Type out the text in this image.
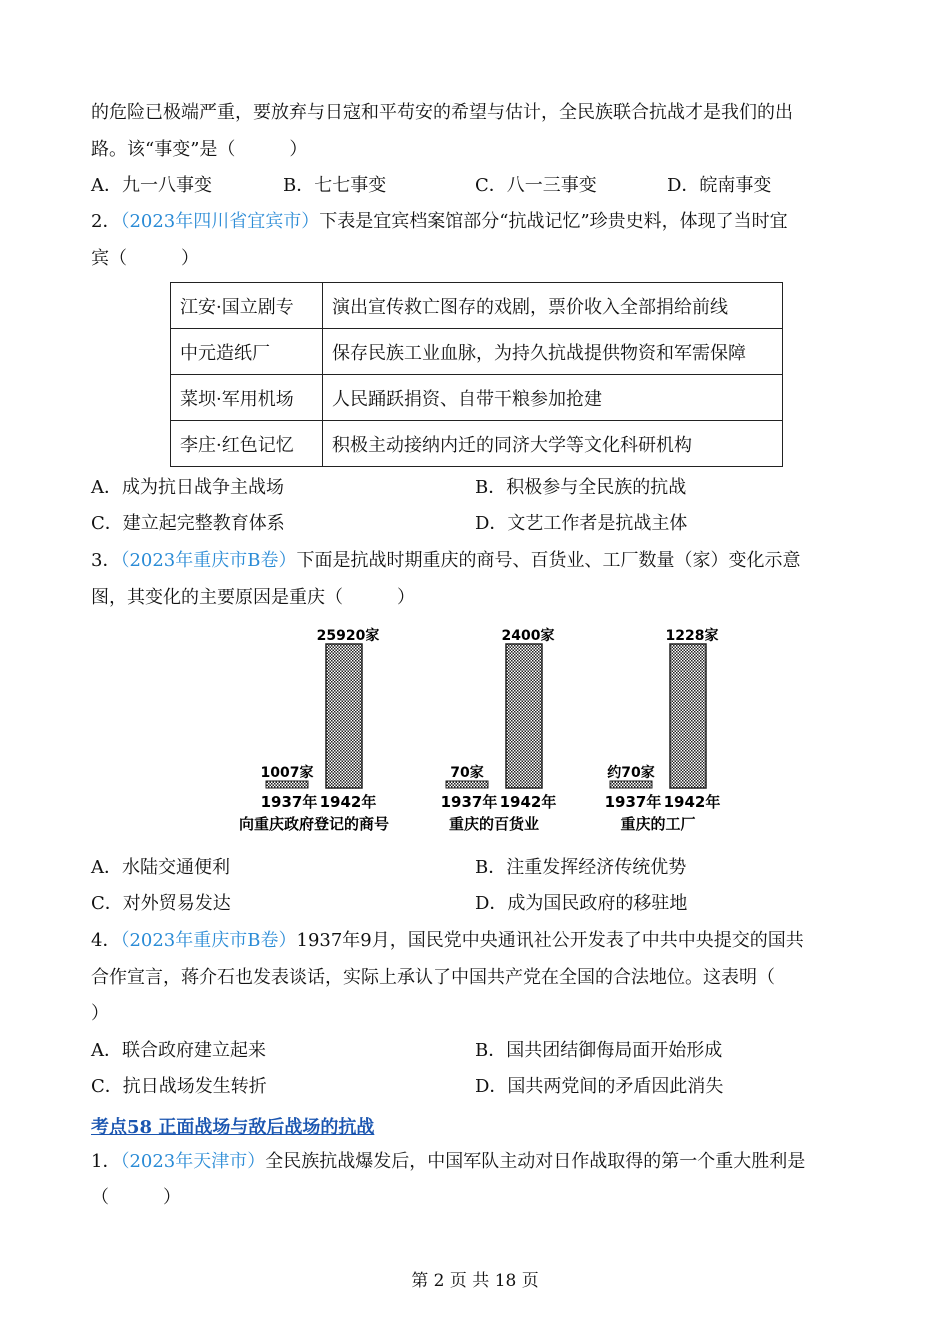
的危险已极端严重，要放弃与日寇和平苟安的希望与估计，全民族联合抗战才是我们的出
路。该“事变”是（　　　）
A．九一八事变	B．七七事变	C．八一三事变	D．皖南事变
2．（2023年四川省宜宾市）下表是宜宾档案馆部分“抗战记忆”珍贵史料，体现了当时宜
宾（　　　）
江安·国立剧专	演出宣传救亡图存的戏剧，票价收入全部捐给前线
中元造纸厂	保存民族工业血脉，为持久抗战提供物资和军需保障
菜坝·军用机场	人民踊跃捐资、自带干粮参加抢建
李庄·红色记忆	积极主动接纳内迁的同济大学等文化科研机构
A．成为抗日战争主战场	B．积极参与全民族的抗战
C．建立起完整教育体系	D．文艺工作者是抗战主体
3．（2023年重庆市B卷）下面是抗战时期重庆的商号、百货业、工厂数量（家）变化示意
图，其变化的主要原因是重庆（　　　）
1007家
25920家
1937年 1942年
向重庆政府登记的商号
70家
2400家
1937年 1942年
重庆的百货业
约70家
1228家
1937年 1942年
重庆的工厂
A．水陆交通便利	B．注重发挥经济传统优势
C．对外贸易发达	D．成为国民政府的移驻地
4．（2023年重庆市B卷）1937年9月，国民党中央通讯社公开发表了中共中央提交的国共
合作宣言，蒋介石也发表谈话，实际上承认了中国共产党在全国的合法地位。这表明（
）
A．联合政府建立起来	B．国共团结御侮局面开始形成
C．抗日战场发生转折	D．国共两党间的矛盾因此消失
考点58 正面战场与敌后战场的抗战
1．（2023年天津市）全民族抗战爆发后，中国军队主动对日作战取得的第一个重大胜利是
（　　　）
第 2 页 共 18 页
